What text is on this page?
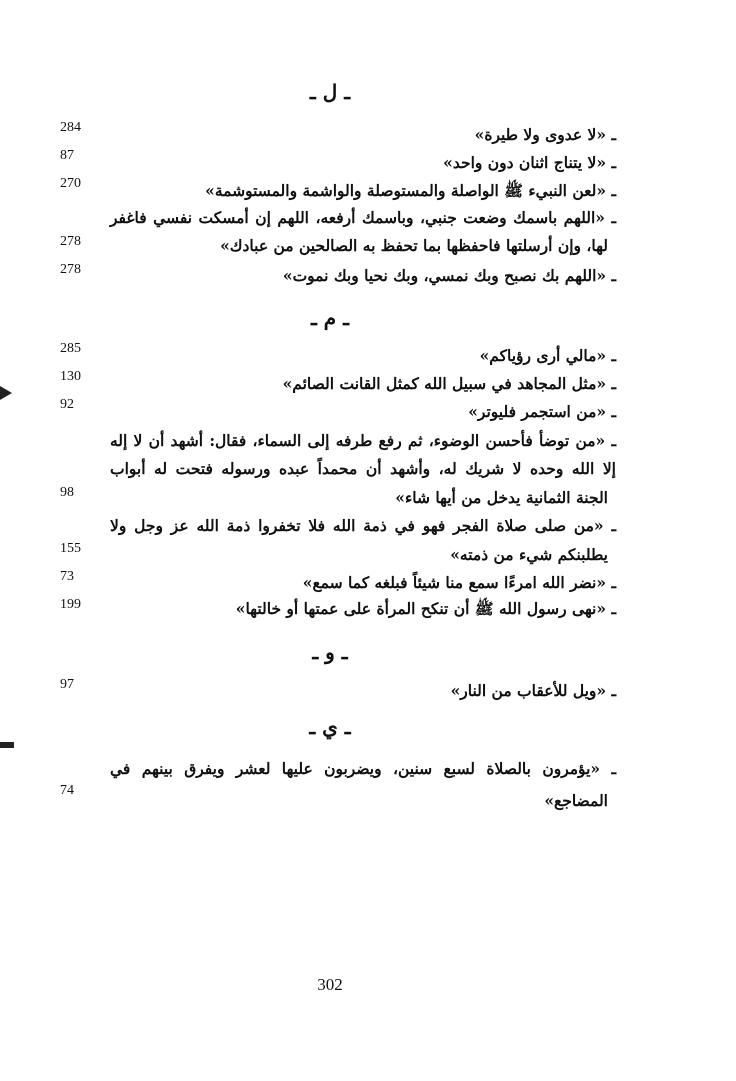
ـ ل ـ
ـ «لا عدوى ولا طيرة»
284
ـ «لا يتناج اثنان دون واحد»
87
ـ «لعن النبيء ﷺ الواصلة والمستوصلة والواشمة والمستوشمة»
270
ـ «اللهم باسمك وضعت جنبي، وباسمك أرفعه، اللهم إن أمسكت نفسي فاغفر
لها، وإن أرسلتها فاحفظها بما تحفظ به الصالحين من عبادك»
278
ـ «اللهم بك نصبح وبك نمسي، وبك نحيا وبك نموت»
278
ـ م ـ
ـ «مالي أرى رؤياكم»
285
ـ «مثل المجاهد في سبيل الله كمثل القانت الصائم»
130
ـ «من استجمر فليوتر»
92
ـ «من توضأ فأحسن الوضوء، ثم رفع طرفه إلى السماء، فقال: أشهد أن لا إله
إلا الله وحده لا شريك له، وأشهد أن محمداً عبده ورسوله فتحت له أبواب
الجنة الثمانية يدخل من أيها شاء»
98
ـ «من صلى صلاة الفجر فهو في ذمة الله فلا تخفروا ذمة الله عز وجل ولا
يطلبنكم شيء من ذمته»
155
ـ «نضر الله امرءًا سمع منا شيئاً فبلغه كما سمع»
73
ـ «نهى رسول الله ﷺ أن تنكح المرأة على عمتها أو خالتها»
199
ـ و ـ
ـ «ويل للأعقاب من النار»
97
ـ ي ـ
ـ «يؤمرون بالصلاة لسبع سنين، ويضربون عليها لعشر ويفرق بينهم في
المضاجع»
74
302
